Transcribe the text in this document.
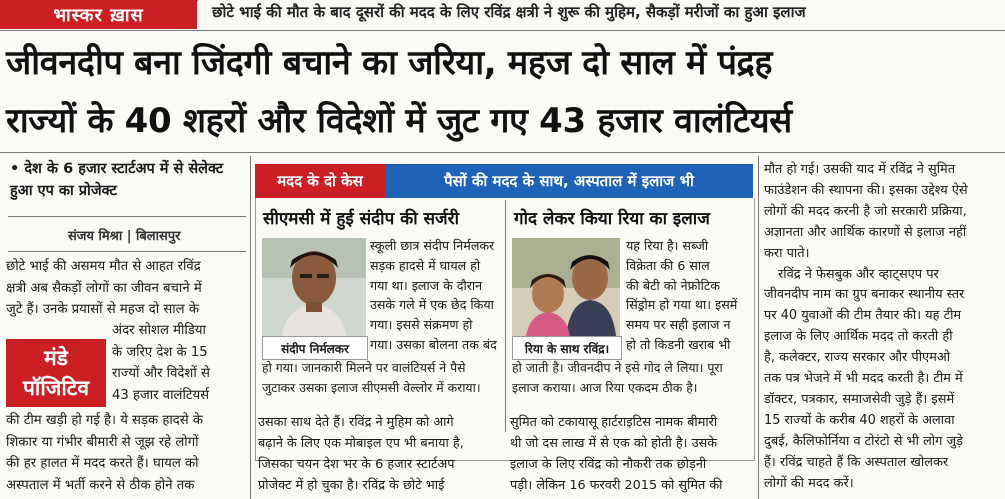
भास्कर ख़ास	छोटे भाई की मौत के बाद दूसरों की मदद के लिए रविंद्र क्षत्री ने शुरू की मुहिम, सैकड़ों मरीजों का हुआ इलाज
जीवनदीप बना जिंदगी बचाने का जरिया, महज दो साल में पंद्रह
राज्यों के 40 शहरों और विदेशों में जुट गए 43 हजार वालंटियर्स
• देश के 6 हजार स्टार्टअप में से सेलेक्ट हुआ एप का प्रोजेक्ट
संजय मिश्रा | बिलासपुर
छोटे भाई की असमय मौत से आहत रविंद्र
क्षत्री अब सैकड़ों लोगों का जीवन बचाने में
जुटे हैं। उनके प्रयासों से महज दो साल के
मंडे
पॉजिटिव
अंदर सोशल मीडिया
के जरिए देश के 15
राज्यों और विदेशों से
43 हजार वालंटियर्स
की टीम खड़ी हो गई है। ये सड़क हादसे के
शिकार या गंभीर बीमारी से जूझ रहे लोगों
की हर हालत में मदद करते हैं। घायल को
अस्पताल में भर्ती करने से ठीक होने तक
मदद के दो केस	पैसों की मदद के साथ, अस्पताल में इलाज भी
सीएमसी में हुई संदीप की सर्जरी
संदीप निर्मलकर
स्कूली छात्र संदीप निर्मलकर
सड़क हादसे में घायल हो
गया था। इलाज के दौरान
उसके गले में एक छेद किया
गया। इससे संक्रमण हो
गया। उसका बोलना तक बंद
हो गया। जानकारी मिलने पर वालंटियर्स ने पैसे
जुटाकर उसका इलाज सीएमसी वेल्लोर में कराया।
गोद लेकर किया रिया का इलाज
रिया के साथ रविंद्र।
यह रिया है। सब्जी
विक्रेता की 6 साल
की बेटी को नेफ्रोटिक
सिंड्रोम हो गया था। इसमें
समय पर सही इलाज न
हो तो किडनी खराब भी
हो जाती है। जीवनदीप ने इसे गोद ले लिया। पूरा
इलाज कराया। आज रिया एकदम ठीक है।
उसका साथ देते हैं। रविंद्र ने मुहिम को आगे
बढ़ाने के लिए एक मोबाइल एप भी बनाया है,
जिसका चयन देश भर के 6 हजार स्टार्टअप
प्रोजेक्ट में हो चुका है। रविंद्र के छोटे भाई
सुमित को टकायासू हार्टराइटिस नामक बीमारी
थी जो दस लाख में से एक को होती है। उसके
इलाज के लिए रविंद्र को नौकरी तक छोड़नी
पड़ी। लेकिन 16 फरवरी 2015 को सुमित की
मौत हो गई। उसकी याद में रविंद्र ने सुमित
फाउंडेशन की स्थापना की। इसका उद्देश्य ऐसे
लोगों की मदद करनी है जो सरकारी प्रक्रिया,
अज्ञानता और आर्थिक कारणों से इलाज नहीं
करा पाते।
रविंद्र ने फेसबुक और व्हाट्सएप पर
जीवनदीप नाम का ग्रुप बनाकर स्थानीय स्तर
पर 40 युवाओं की टीम तैयार की। यह टीम
इलाज के लिए आर्थिक मदद तो करती ही
है, कलेक्टर, राज्य सरकार और पीएमओ
तक पत्र भेजने में भी मदद करती है। टीम में
डॉक्टर, पत्रकार, समाजसेवी जुड़े हैं। इसमें
15 राज्यों के करीब 40 शहरों के अलावा
दुबई, कैलिफोर्निया व टोरंटो से भी लोग जुड़े
हैं। रविंद्र चाहते हैं कि अस्पताल खोलकर
लोगों की मदद करें।
